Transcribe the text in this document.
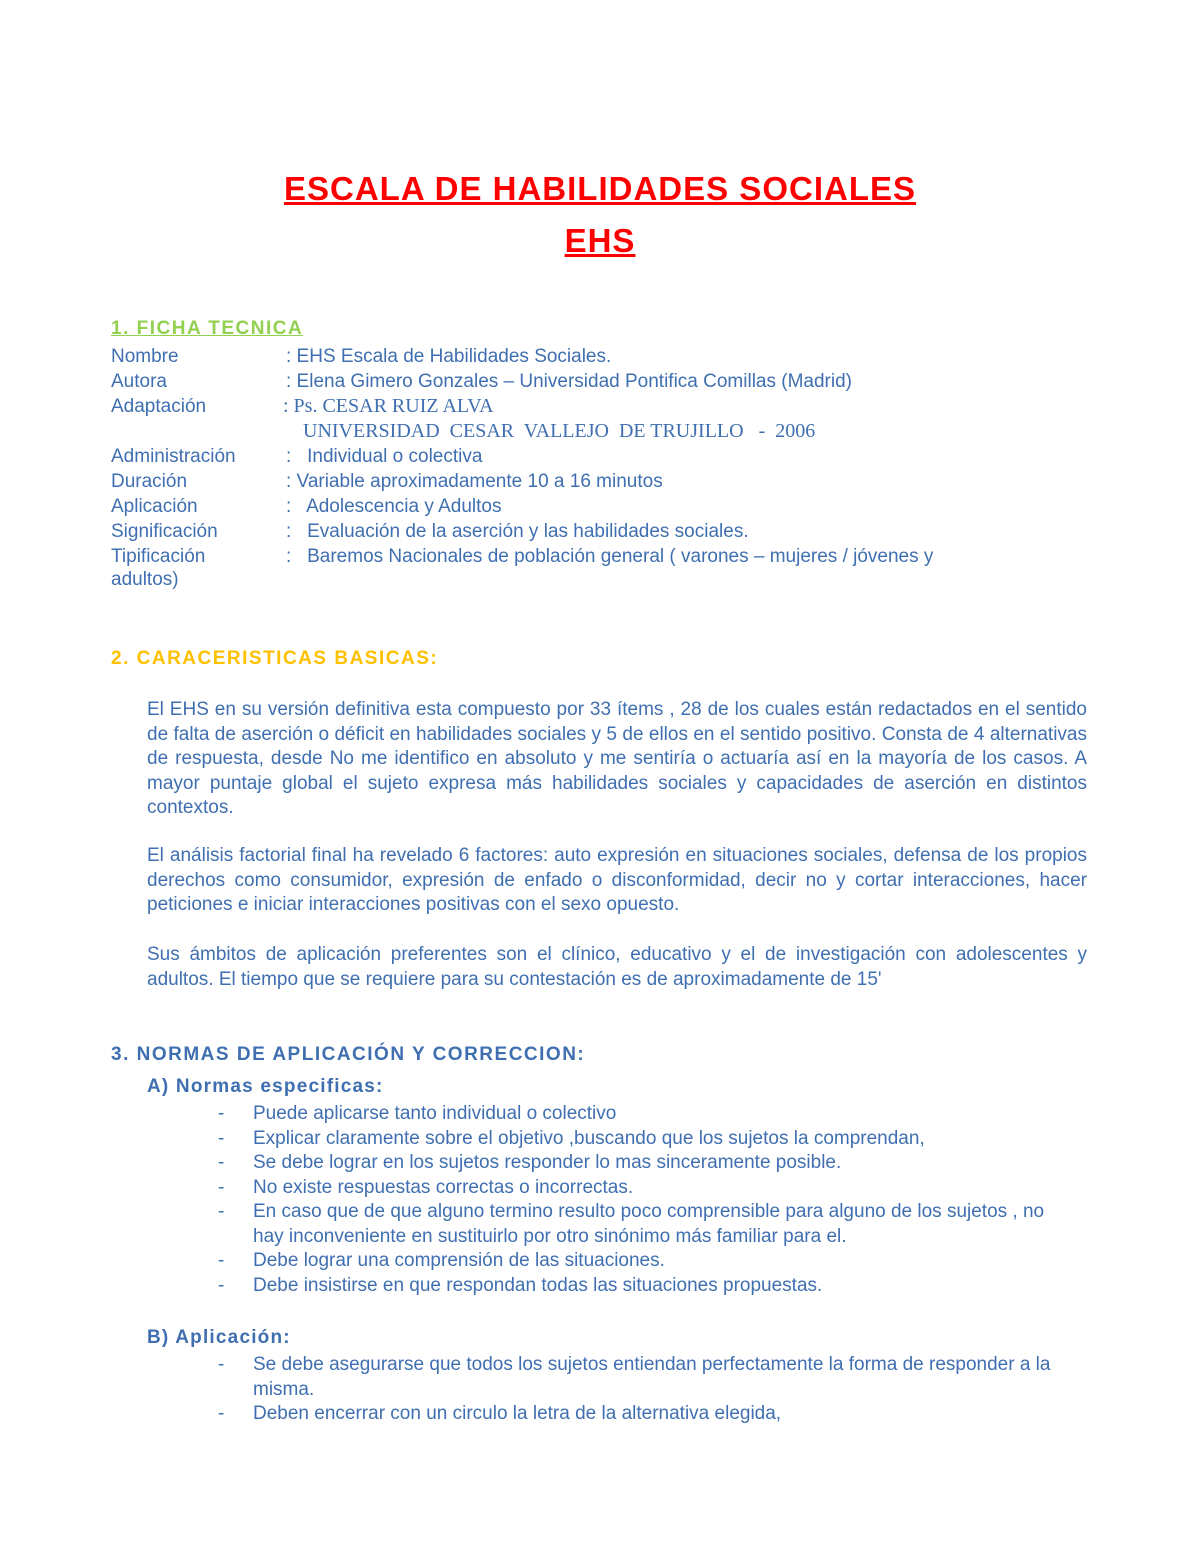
ESCALA DE HABILIDADES SOCIALES
EHS
1. FICHA TECNICA
Nombre	: EHS Escala de Habilidades Sociales.
Autora	: Elena Gimero Gonzales – Universidad Pontifica Comillas (Madrid)
Adaptación	: Ps. CESAR RUIZ ALVA
UNIVERSIDAD  CESAR  VALLEJO  DE TRUJILLO   -  2006
Administración	:   Individual o colectiva
Duración	: Variable aproximadamente 10 a 16 minutos
Aplicación	:   Adolescencia y Adultos
Significación	:   Evaluación de la aserción y las habilidades sociales.
Tipificación	:   Baremos Nacionales de población general ( varones – mujeres / jóvenes y
adultos)
2. CARACERISTICAS BASICAS:

El EHS en su versión definitiva esta compuesto por 33 ítems , 28 de los cuales están redactados en el sentido de falta de aserción o déficit en habilidades sociales y 5 de ellos en el sentido positivo. Consta de 4 alternativas de respuesta, desde No me identifico en absoluto y me sentiría o actuaría así en la mayoría de los casos. A mayor puntaje global el sujeto expresa más habilidades sociales y capacidades de aserción en distintos contextos.

El análisis factorial final ha revelado 6 factores: auto expresión en situaciones sociales, defensa de los propios derechos como consumidor, expresión de enfado o disconformidad, decir no y cortar interacciones, hacer peticiones e iniciar interacciones positivas con el sexo opuesto.

Sus ámbitos de aplicación preferentes son el clínico, educativo y el de investigación con adolescentes y adultos. El tiempo que se requiere para su contestación es de aproximadamente de 15'

3. NORMAS DE APLICACIÓN Y CORRECCION:
A) Normas especificas:
- Puede aplicarse tanto individual o colectivo
- Explicar claramente sobre el objetivo ,buscando que los sujetos la comprendan,
- Se debe lograr en los sujetos responder lo mas sinceramente posible.
- No existe respuestas correctas o incorrectas.
- En caso que de que alguno termino resulto poco comprensible para alguno de los sujetos , no hay inconveniente en sustituirlo por otro sinónimo más familiar para el.
- Debe lograr una comprensión de las situaciones.
- Debe insistirse en que respondan todas las situaciones propuestas.
B) Aplicación:
- Se debe asegurarse que todos los sujetos entiendan perfectamente la forma de responder a la misma.
- Deben encerrar con un circulo la letra de la alternativa elegida,
